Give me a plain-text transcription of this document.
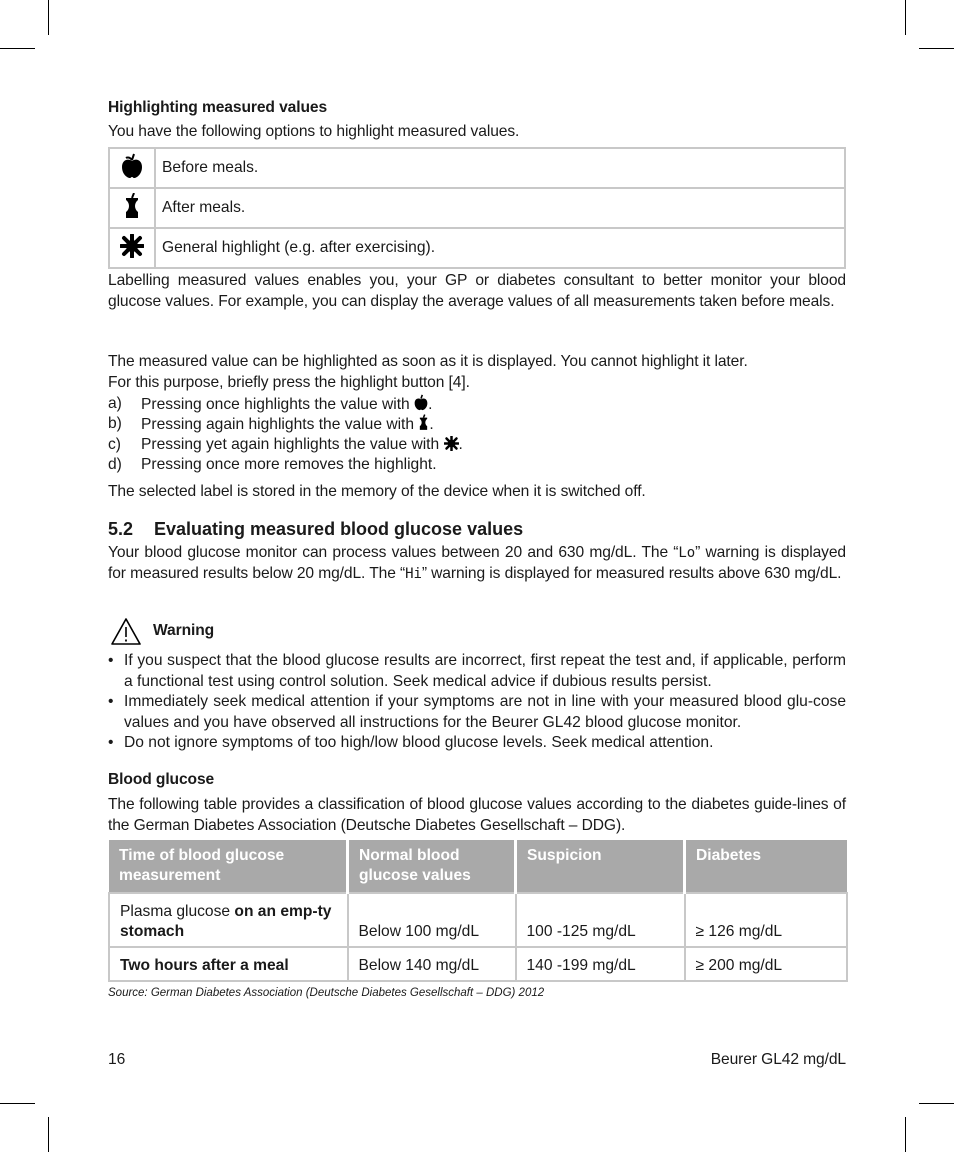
Highlighting measured values
You have the following options to highlight measured values.
	Before meals.
	After meals.
	General highlight (e.g. after exercising).
Labelling measured values enables you, your GP or diabetes consultant to better monitor your blood glucose values. For example, you can display the average values of all measurements taken before meals.
The measured value can be highlighted as soon as it is displayed. You cannot highlight it later.
For this purpose, briefly press the highlight button [4].
a) Pressing once highlights the value with .
b) Pressing again highlights the value with .
c) Pressing yet again highlights the value with .
d) Pressing once more removes the highlight.
The selected label is stored in the memory of the device when it is switched off.
5.2 Evaluating measured blood glucose values
Your blood glucose monitor can process values between 20 and 630 mg/dL. The “Lo” warning is displayed for measured results below 20 mg/dL. The “Hi” warning is displayed for measured results above 630 mg/dL.
Warning
• If you suspect that the blood glucose results are incorrect, first repeat the test and, if applicable, perform a functional test using control solution. Seek medical advice if dubious results persist.
• Immediately seek medical attention if your symptoms are not in line with your measured blood glu-cose values and you have observed all instructions for the Beurer GL42 blood glucose monitor.
• Do not ignore symptoms of too high/low blood glucose levels. Seek medical attention.
Blood glucose
The following table provides a classification of blood glucose values according to the diabetes guide-lines of the German Diabetes Association (Deutsche Diabetes Gesellschaft – DDG).
Time of blood glucose measurement	Normal blood glucose values	Suspicion	Diabetes
Plasma glucose on an emp-ty stomach	Below 100 mg/dL	100 -125 mg/dL	≥ 126 mg/dL
Two hours after a meal	Below 140 mg/dL	140 -199 mg/dL	≥ 200 mg/dL
Source: German Diabetes Association (Deutsche Diabetes Gesellschaft – DDG) 2012
16	Beurer GL42 mg/dL
